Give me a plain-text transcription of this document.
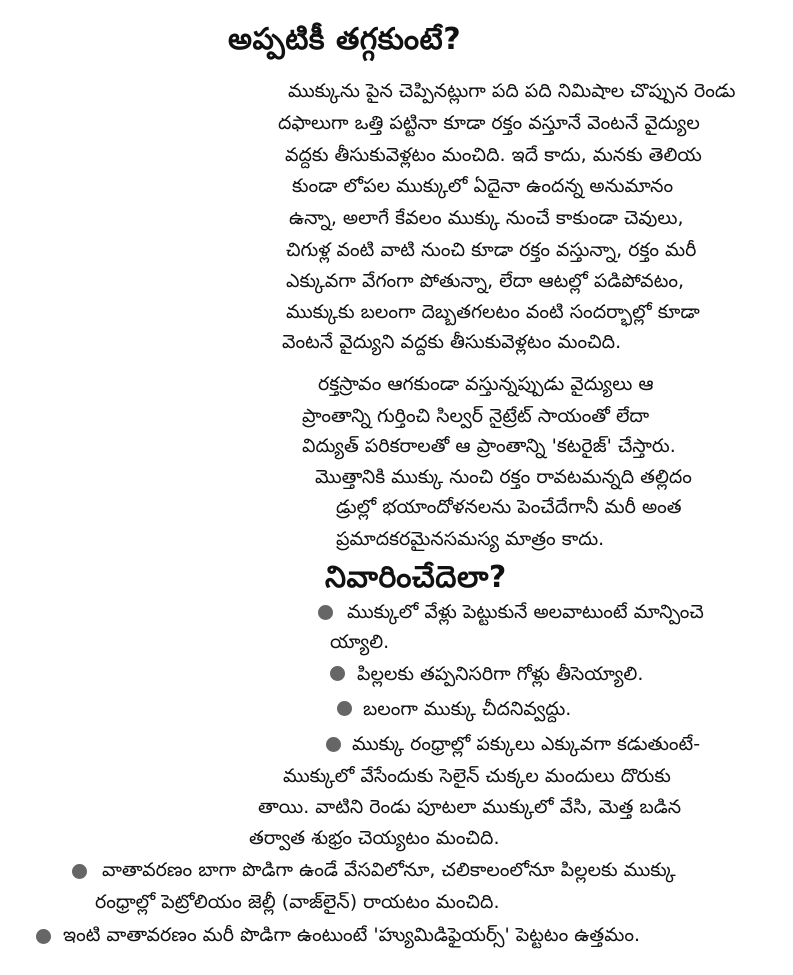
అప్పటికీ తగ్గకుంటే?
ముక్కును పైన చెప్పినట్లుగా పది పది నిమిషాల చొప్పున రెండు
దఫాలుగా ఒత్తి పట్టినా కూడా రక్తం వస్తూనే వెంటనే వైద్యుల
వద్దకు తీసుకువెళ్లటం మంచిది. ఇదే కాదు, మనకు తెలియ
కుండా లోపల ముక్కులో ఏదైనా ఉందన్న అనుమానం
ఉన్నా, అలాగే కేవలం ముక్కు నుంచే కాకుండా చెవులు,
చిగుళ్ల వంటి వాటి నుంచి కూడా రక్తం వస్తున్నా, రక్తం మరీ
ఎక్కువగా వేగంగా పోతున్నా, లేదా ఆటల్లో పడిపోవటం,
ముక్కుకు బలంగా దెబ్బతగలటం వంటి సందర్భాల్లో కూడా
వెంటనే వైద్యుని వద్దకు తీసుకువెళ్లటం మంచిది.
రక్తస్రావం ఆగకుండా వస్తున్నప్పుడు వైద్యులు ఆ
ప్రాంతాన్ని గుర్తించి సిల్వర్ నైట్రేట్ సాయంతో లేదా
విద్యుత్ పరికరాలతో ఆ ప్రాంతాన్ని 'కటరైజ్' చేస్తారు.
మొత్తానికి ముక్కు నుంచి రక్తం రావటమన్నది తల్లిదం
డ్రుల్లో భయాందోళనలను పెంచేదేగానీ మరీ అంత
ప్రమాదకరమైనసమస్య మాత్రం కాదు.
నివారించేదెలా?
ముక్కులో వేళ్లు పెట్టుకునే అలవాటుంటే మాన్పించె
య్యాలి.
పిల్లలకు తప్పనిసరిగా గోళ్లు తీసెయ్యాలి.
బలంగా ముక్కు చీదనివ్వద్దు.
ముక్కు రంధ్రాల్లో పక్కులు ఎక్కువగా కడుతుంటే-
ముక్కులో వేసేందుకు సెలైన్ చుక్కల మందులు దొరుకు
తాయి. వాటిని రెండు పూటలా ముక్కులో వేసి, మెత్త బడిన
తర్వాత శుభ్రం చెయ్యటం మంచిది.
వాతావరణం బాగా పొడిగా ఉండే వేసవిలోనూ, చలికాలంలోనూ పిల్లలకు ముక్కు
రంధ్రాల్లో పెట్రోలియం జెల్లీ (వాజ్‌లైన్) రాయటం మంచిది.
ఇంటి వాతావరణం మరీ పొడిగా ఉంటుంటే 'హ్యుమిడిఫైయర్స్' పెట్టటం ఉత్తమం.
